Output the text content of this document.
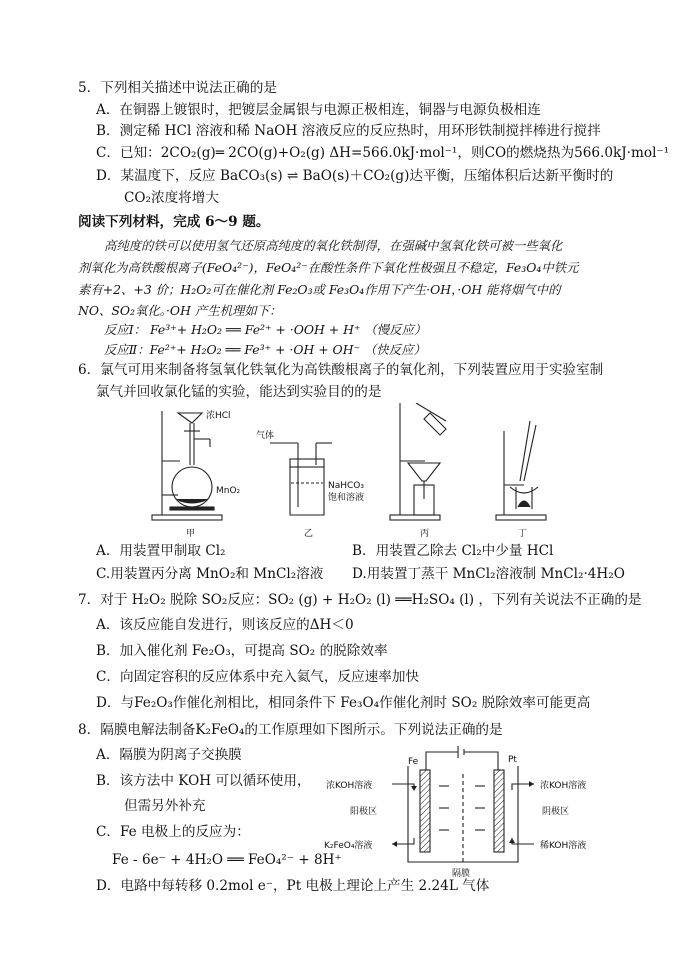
5．下列相关描述中说法正确的是
A．在铜器上镀银时，把镀层金属银与电源正极相连，铜器与电源负极相连
B．测定稀 HCl 溶液和稀 NaOH 溶液反应的反应热时，用环形铁制搅拌棒进行搅拌
C．已知：2CO₂(g)═ 2CO(g)+O₂(g) ΔH=566.0kJ·mol⁻¹，则CO的燃烧热为566.0kJ·mol⁻¹
D．某温度下，反应 BaCO₃(s) ⇌ BaO(s)＋CO₂(g)达平衡，压缩体积后达新平衡时的
CO₂浓度将增大
阅读下列材料，完成 6～9 题。
高纯度的铁可以使用氢气还原高纯度的氧化铁制得，在强碱中氢氧化铁可被一些氧化
剂氧化为高铁酸根离子(FeO₄²⁻)，FeO₄²⁻在酸性条件下氧化性极强且不稳定，Fe₃O₄中铁元
素有+2、+3 价；H₂O₂可在催化剂 Fe₂O₃或 Fe₃O₄作用下产生·OH，·OH 能将烟气中的
NO、SO₂氧化。·OH 产生机理如下：
反应Ⅰ： Fe³⁺+ H₂O₂ ══ Fe²⁺ + ·OOH + H⁺ （慢反应）
反应Ⅱ：Fe²⁺+ H₂O₂ ══ Fe³⁺ + ·OH + OH⁻ （快反应）
6．氯气可用来制备将氢氧化铁氧化为高铁酸根离子的氧化剂，下列装置应用于实验室制
氯气并回收氯化锰的实验，能达到实验目的的是
浓HCl
MnO₂
甲
气体
NaHCO₃
饱和溶液
乙	丙	丁
A．用装置甲制取 Cl₂	B．用装置乙除去 Cl₂中少量 HCl
C.用装置丙分离 MnO₂和 MnCl₂溶液 D.用装置丁蒸干 MnCl₂溶液制 MnCl₂·4H₂O
7．对于 H₂O₂ 脱除 SO₂反应：SO₂ (g) + H₂O₂ (l) ══H₂SO₄ (l) ，下列有关说法不正确的是
A．该反应能自发进行，则该反应的ΔH＜0
B．加入催化剂 Fe₂O₃，可提高 SO₂ 的脱除效率
C．向固定容积的反应体系中充入氦气，反应速率加快
D．与Fe₂O₃作催化剂相比，相同条件下 Fe₃O₄作催化剂时 SO₂ 脱除效率可能更高
8．隔膜电解法制备K₂FeO₄的工作原理如下图所示。下列说法正确的是
A．隔膜为阴离子交换膜
B．该方法中 KOH 可以循环使用，
但需另外补充
C．Fe 电极上的反应为：
Fe - 6e⁻ + 4H₂O ══ FeO₄²⁻ + 8H⁺
D．电路中每转移 0.2mol e⁻，Pt 电极上理论上产生 2.24L 气体
Fe	Pt
浓KOH溶液
阳极区
K₂FeO₄溶液
浓KOH溶液
阴极区
稀KOH溶液
隔膜
